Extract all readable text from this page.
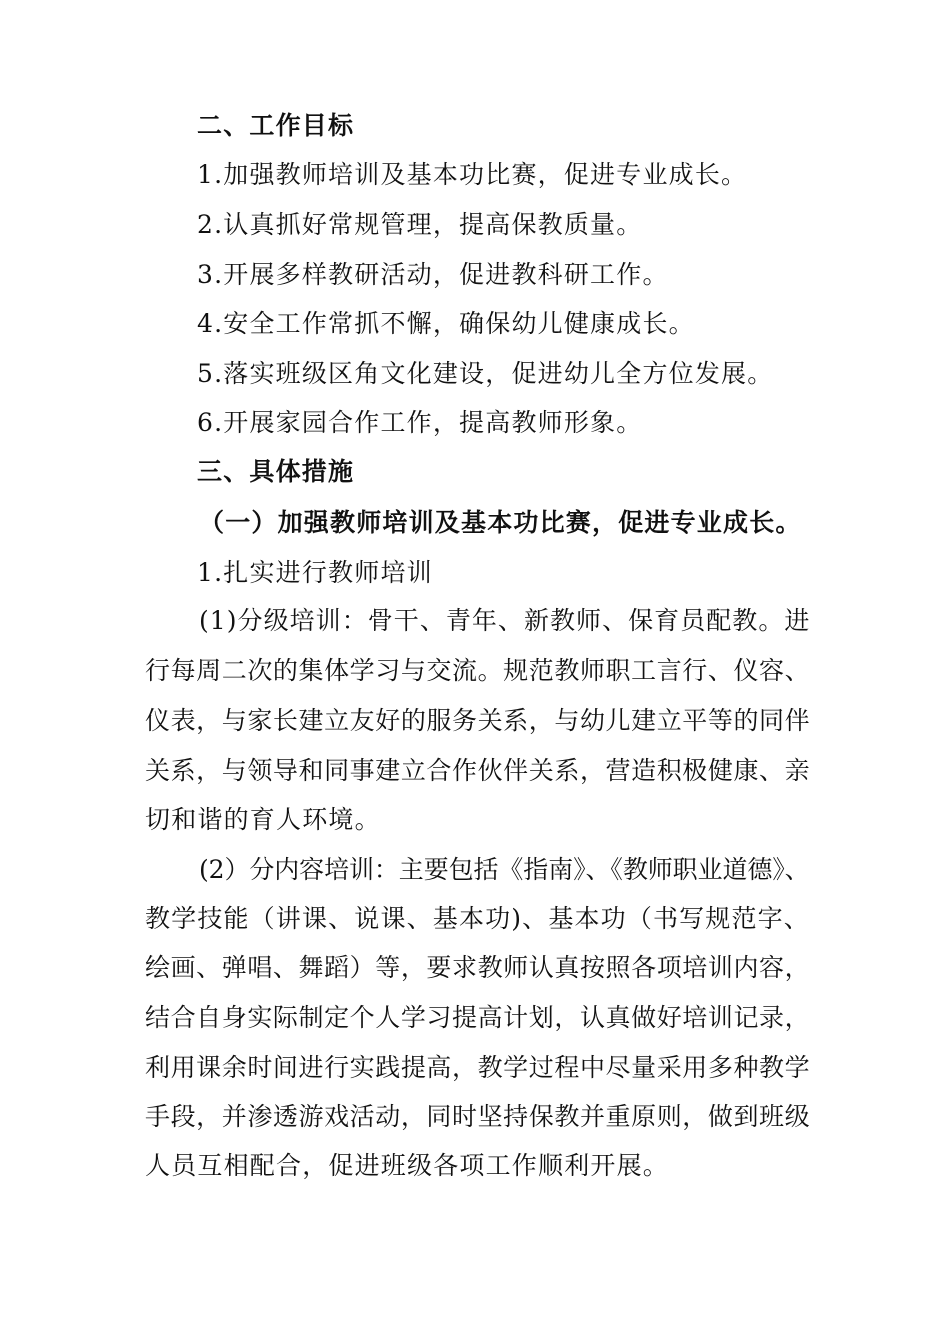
二、工作目标
1.加强教师培训及基本功比赛，促进专业成长。
2.认真抓好常规管理，提高保教质量。
3.开展多样教研活动，促进教科研工作。
4.安全工作常抓不懈，确保幼儿健康成长。
5.落实班级区角文化建设，促进幼儿全方位发展。
6.开展家园合作工作，提高教师形象。
三、具体措施
（一）加强教师培训及基本功比赛，促进专业成长。
1.扎实进行教师培训
(1)分级培训：骨干、青年、新教师、保育员配教。进
行每周二次的集体学习与交流。规范教师职工言行、仪容、
仪表，与家长建立友好的服务关系，与幼儿建立平等的同伴
关系，与领导和同事建立合作伙伴关系，营造积极健康、亲
切和谐的育人环境。
(2）分内容培训：主要包括《指南》、《教师职业道德》、
教学技能（讲课、说课、基本功)、基本功（书写规范字、
绘画、弹唱、舞蹈）等，要求教师认真按照各项培训内容，
结合自身实际制定个人学习提高计划，认真做好培训记录，
利用课余时间进行实践提高，教学过程中尽量采用多种教学
手段，并渗透游戏活动，同时坚持保教并重原则，做到班级
人员互相配合，促进班级各项工作顺利开展。
